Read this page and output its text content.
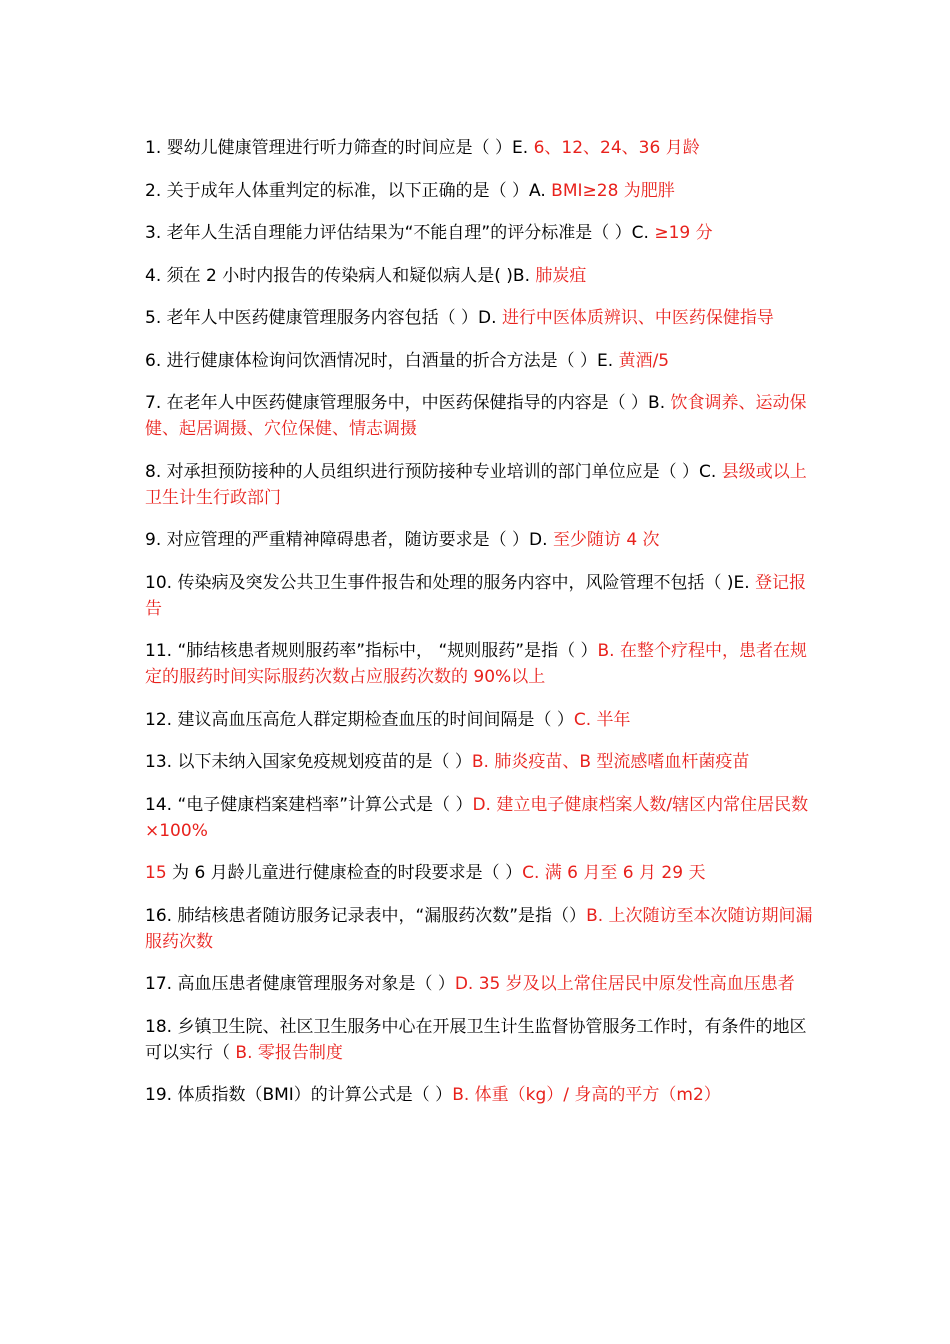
1. 婴幼儿健康管理进行听力筛查的时间应是（ ）E. 6、12、24、36 月龄
2. 关于成年人体重判定的标准，以下正确的是（ ）A. BMI≥28 为肥胖
3. 老年人生活自理能力评估结果为“不能自理”的评分标准是（ ）C. ≥19 分
4. 须在 2 小时内报告的传染病人和疑似病人是( )B. 肺炭疽
5. 老年人中医药健康管理服务内容包括（ ）D. 进行中医体质辨识、中医药保健指导
6. 进行健康体检询问饮酒情况时，白酒量的折合方法是（ ）E. 黄酒/5
7. 在老年人中医药健康管理服务中，中医药保健指导的内容是（ ）B. 饮食调养、运动保健、起居调摄、穴位保健、情志调摄
8. 对承担预防接种的人员组织进行预防接种专业培训的部门单位应是（ ）C. 县级或以上卫生计生行政部门
9. 对应管理的严重精神障碍患者，随访要求是（ ）D. 至少随访 4 次
10. 传染病及突发公共卫生事件报告和处理的服务内容中，风险管理不包括（ )E. 登记报告
11. “肺结核患者规则服药率”指标中， “规则服药”是指（ ）B. 在整个疗程中，患者在规定的服药时间实际服药次数占应服药次数的 90%以上
12. 建议高血压高危人群定期检查血压的时间间隔是（ ）C. 半年
13. 以下未纳入国家免疫规划疫苗的是（ ）B. 肺炎疫苗、B 型流感嗜血杆菌疫苗
14. “电子健康档案建档率”计算公式是（ ）D. 建立电子健康档案人数/辖区内常住居民数×100%
15 为 6 月龄儿童进行健康检查的时段要求是（ ）C. 满 6 月至 6 月 29 天
16. 肺结核患者随访服务记录表中，“漏服药次数”是指（）B. 上次随访至本次随访期间漏服药次数
17. 高血压患者健康管理服务对象是（ ）D. 35 岁及以上常住居民中原发性高血压患者
18. 乡镇卫生院、社区卫生服务中心在开展卫生计生监督协管服务工作时，有条件的地区可以实行（ B. 零报告制度
19. 体质指数（BMI）的计算公式是（ ）B. 体重（kg）/ 身高的平方（m2）
